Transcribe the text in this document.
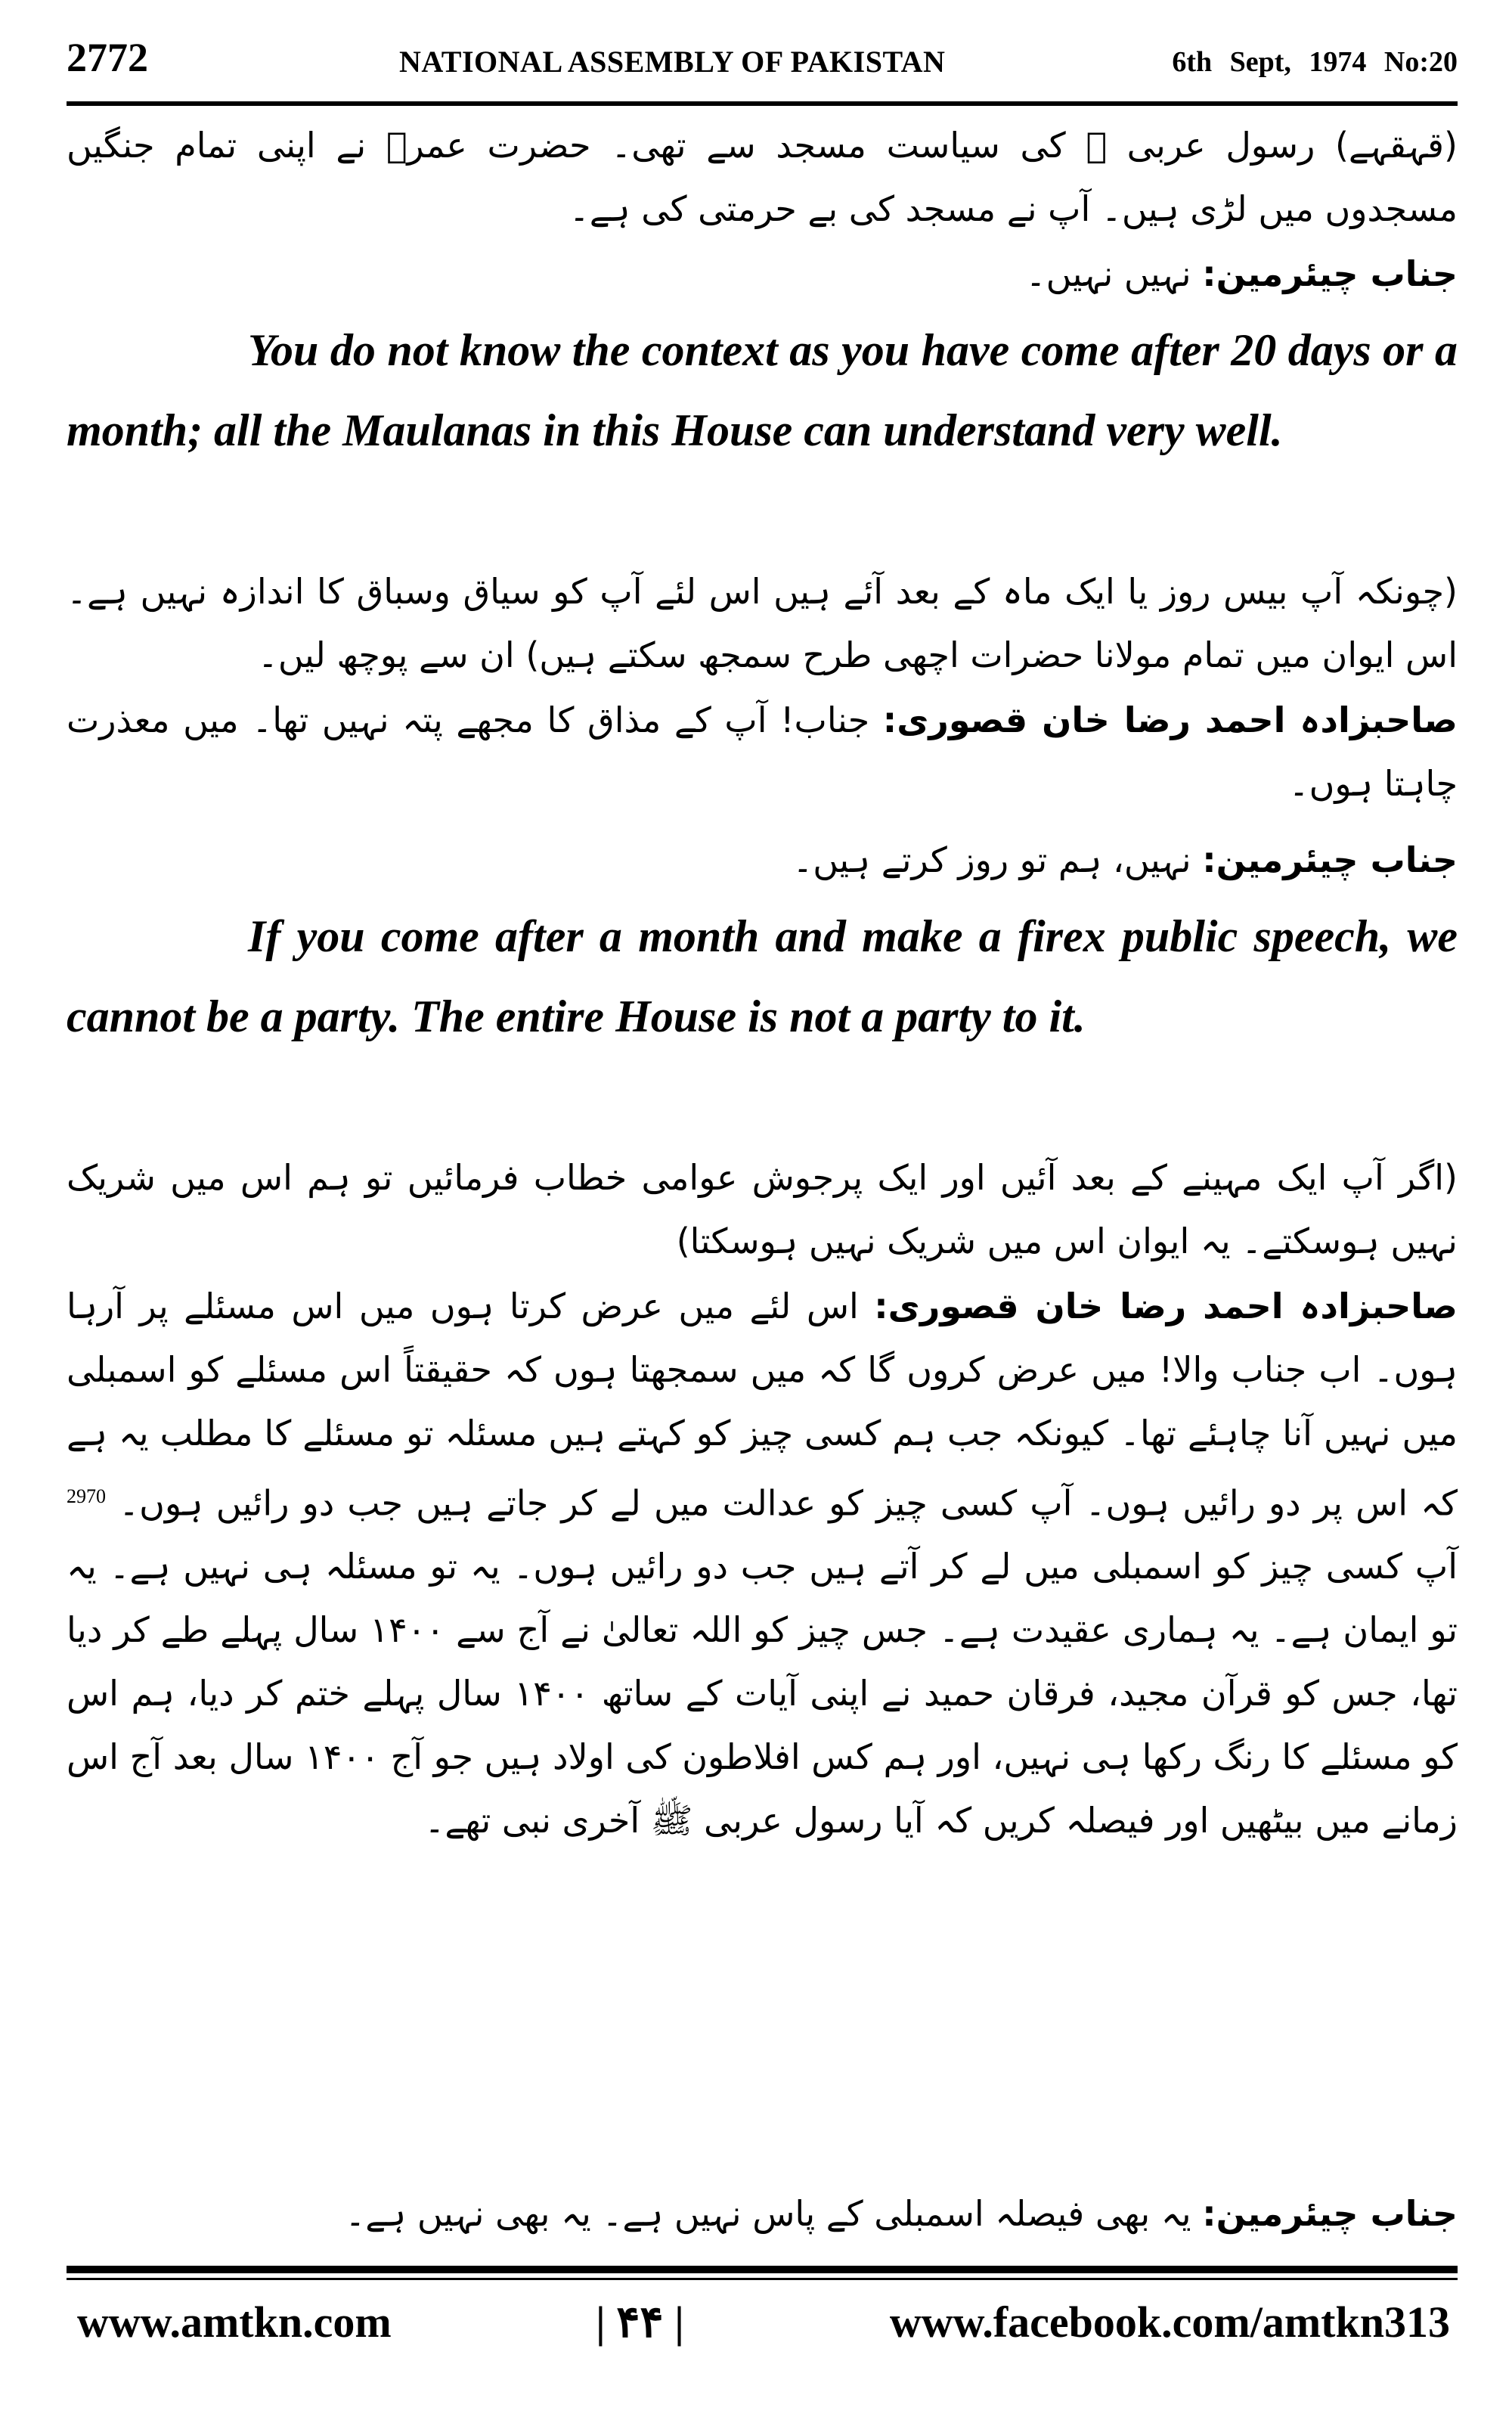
2772	NATIONAL ASSEMBLY OF PAKISTAN	6th Sept, 1974 No:20
(قہقہے) رسول عربی ﷺ کی سیاست مسجد سے تھی۔ حضرت عمرؓ نے اپنی تمام جنگیں مسجدوں میں لڑی ہیں۔ آپ نے مسجد کی بے حرمتی کی ہے۔
جناب چیئرمین: نہیں نہیں۔
You do not know the context as you have come after 20 days or a month; all the Maulanas in this House can understand very well.
(چونکہ آپ بیس روز یا ایک ماہ کے بعد آئے ہیں اس لئے آپ کو سیاق وسباق کا اندازہ نہیں ہے۔ اس ایوان میں تمام مولانا حضرات اچھی طرح سمجھ سکتے ہیں) ان سے پوچھ لیں۔
صاحبزادہ احمد رضا خان قصوری: جناب! آپ کے مذاق کا مجھے پتہ نہیں تھا۔ میں معذرت چاہتا ہوں۔
جناب چیئرمین: نہیں، ہم تو روز کرتے ہیں۔
If you come after a month and make a firex public speech, we cannot be a party. The entire House is not a party to it.
(اگر آپ ایک مہینے کے بعد آئیں اور ایک پرجوش عوامی خطاب فرمائیں تو ہم اس میں شریک نہیں ہوسکتے۔ یہ ایوان اس میں شریک نہیں ہوسکتا)
صاحبزادہ احمد رضا خان قصوری: اس لئے میں عرض کرتا ہوں میں اس مسئلے پر آرہا ہوں۔ اب جناب والا! میں عرض کروں گا کہ میں سمجھتا ہوں کہ حقیقتاً اس مسئلے کو اسمبلی میں نہیں آنا چاہئے تھا۔ کیونکہ جب ہم کسی چیز کو کہتے ہیں مسئلہ تو مسئلے کا مطلب یہ ہے کہ اس پر دو رائیں ہوں۔ آپ کسی چیز کو عدالت میں لے کر جاتے ہیں جب دو رائیں ہوں۔ $^{2970}$ آپ کسی چیز کو اسمبلی میں لے کر آتے ہیں جب دو رائیں ہوں۔ یہ تو مسئلہ ہی نہیں ہے۔ یہ تو ایمان ہے۔ یہ ہماری عقیدت ہے۔ جس چیز کو اللہ تعالیٰ نے آج سے ۱۴۰۰ سال پہلے طے کر دیا تھا، جس کو قرآن مجید، فرقان حمید نے اپنی آیات کے ساتھ ۱۴۰۰ سال پہلے ختم کر دیا، ہم اس کو مسئلے کا رنگ رکھا ہی نہیں، اور ہم کس افلاطون کی اولاد ہیں جو آج ۱۴۰۰ سال بعد آج اس زمانے میں بیٹھیں اور فیصلہ کریں کہ آیا رسول عربی ﷺ آخری نبی تھے۔
جناب چیئرمین: یہ بھی فیصلہ اسمبلی کے پاس نہیں ہے۔ یہ بھی نہیں ہے۔
www.amtkn.com	| ۴۴ |	www.facebook.com/amtkn313
